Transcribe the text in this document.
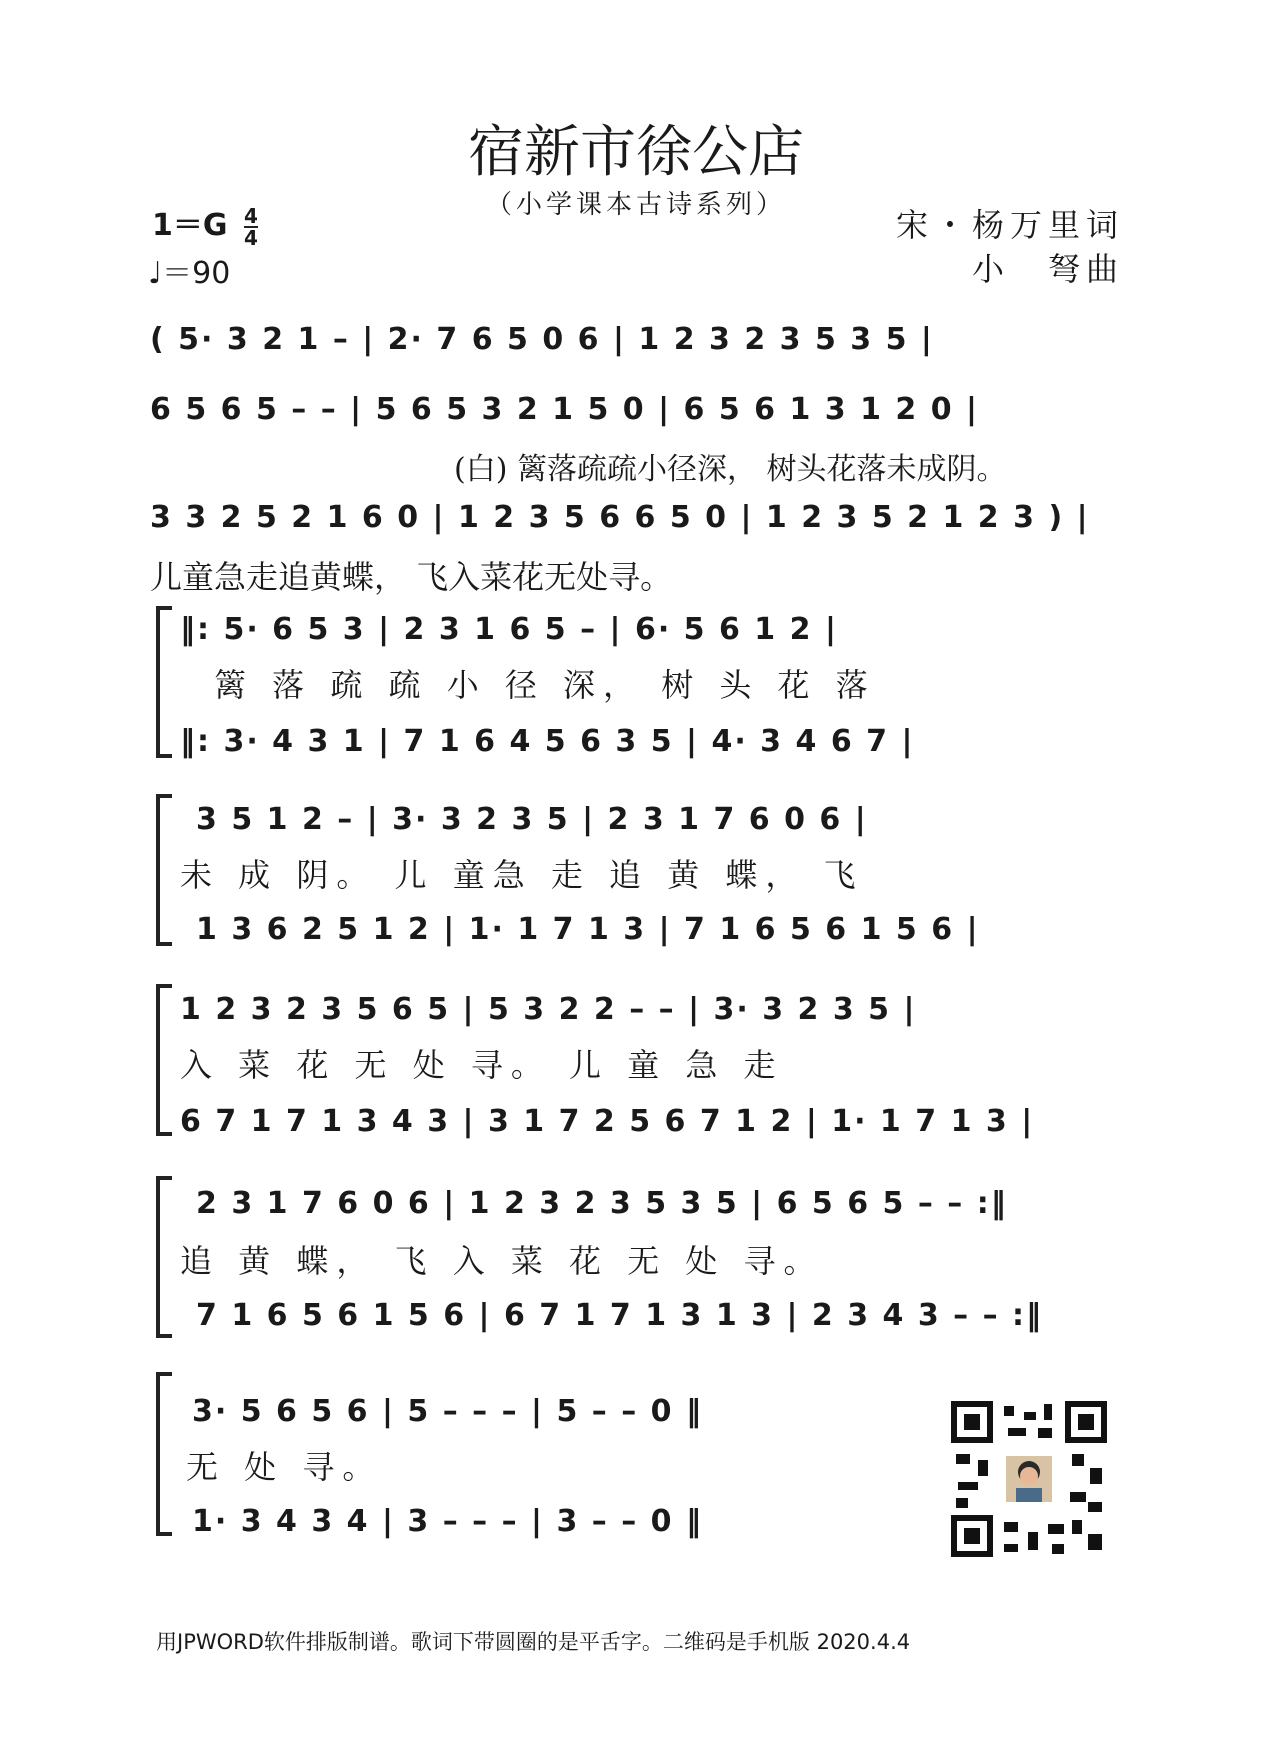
宿新市徐公店
（小学课本古诗系列）
$1=G \frac{4}{4}$
♩＝90
宋・杨万里词
小　弩曲
( 5· 3 2 1 – | 2· 7 6 5 0 6 | 1 2 3 2 3 5 3 5 |
6 5 6 5 – – | 5 6 5 3 2 1 5 0 | 6 5 6 1 3 1 2 0 |
(白) 篱落疏疏小径深， 树头花落未成阴。
3 3 2 5 2 1 6 0 | 1 2 3 5 6 6 5 0 | 1 2 3 5 2 1 2 3 ) |
儿童急走追黄蝶， 飞入菜花无处寻。
‖: 5· 6 5 3 | 2 3 1 6 5 – | 6· 5 6 1 2 |
篱 落 疏 疏 小 径 深， 树 头 花 落
‖: 3· 4 3 1 | 7 1 6 4 5 6 3 5 | 4· 3 4 6 7 |
3 5 1 2 – | 3· 3 2 3 5 | 2 3 1 7 6 0 6 |
未 成 阴。 儿 童急 走 追 黄 蝶， 飞
1 3 6 2 5 1 2 | 1· 1 7 1 3 | 7 1 6 5 6 1 5 6 |
1 2 3 2 3 5 6 5 | 5 3 2 2 – – | 3· 3 2 3 5 |
入 菜 花 无 处 寻。 儿 童 急 走
6 7 1 7 1 3 4 3 | 3 1 7 2 5 6 7 1 2 | 1· 1 7 1 3 |
2 3 1 7 6 0 6 | 1 2 3 2 3 5 3 5 | 6 5 6 5 – – :‖
追 黄 蝶， 飞 入 菜 花 无 处 寻。
7 1 6 5 6 1 5 6 | 6 7 1 7 1 3 1 3 | 2 3 4 3 – – :‖
3· 5 6 5 6 | 5 – – – | 5 – – 0 ‖
无 处 寻。
1· 3 4 3 4 | 3 – – – | 3 – – 0 ‖
用JPWORD软件排版制谱。歌词下带圆圈的是平舌字。二维码是手机版 2020.4.4
